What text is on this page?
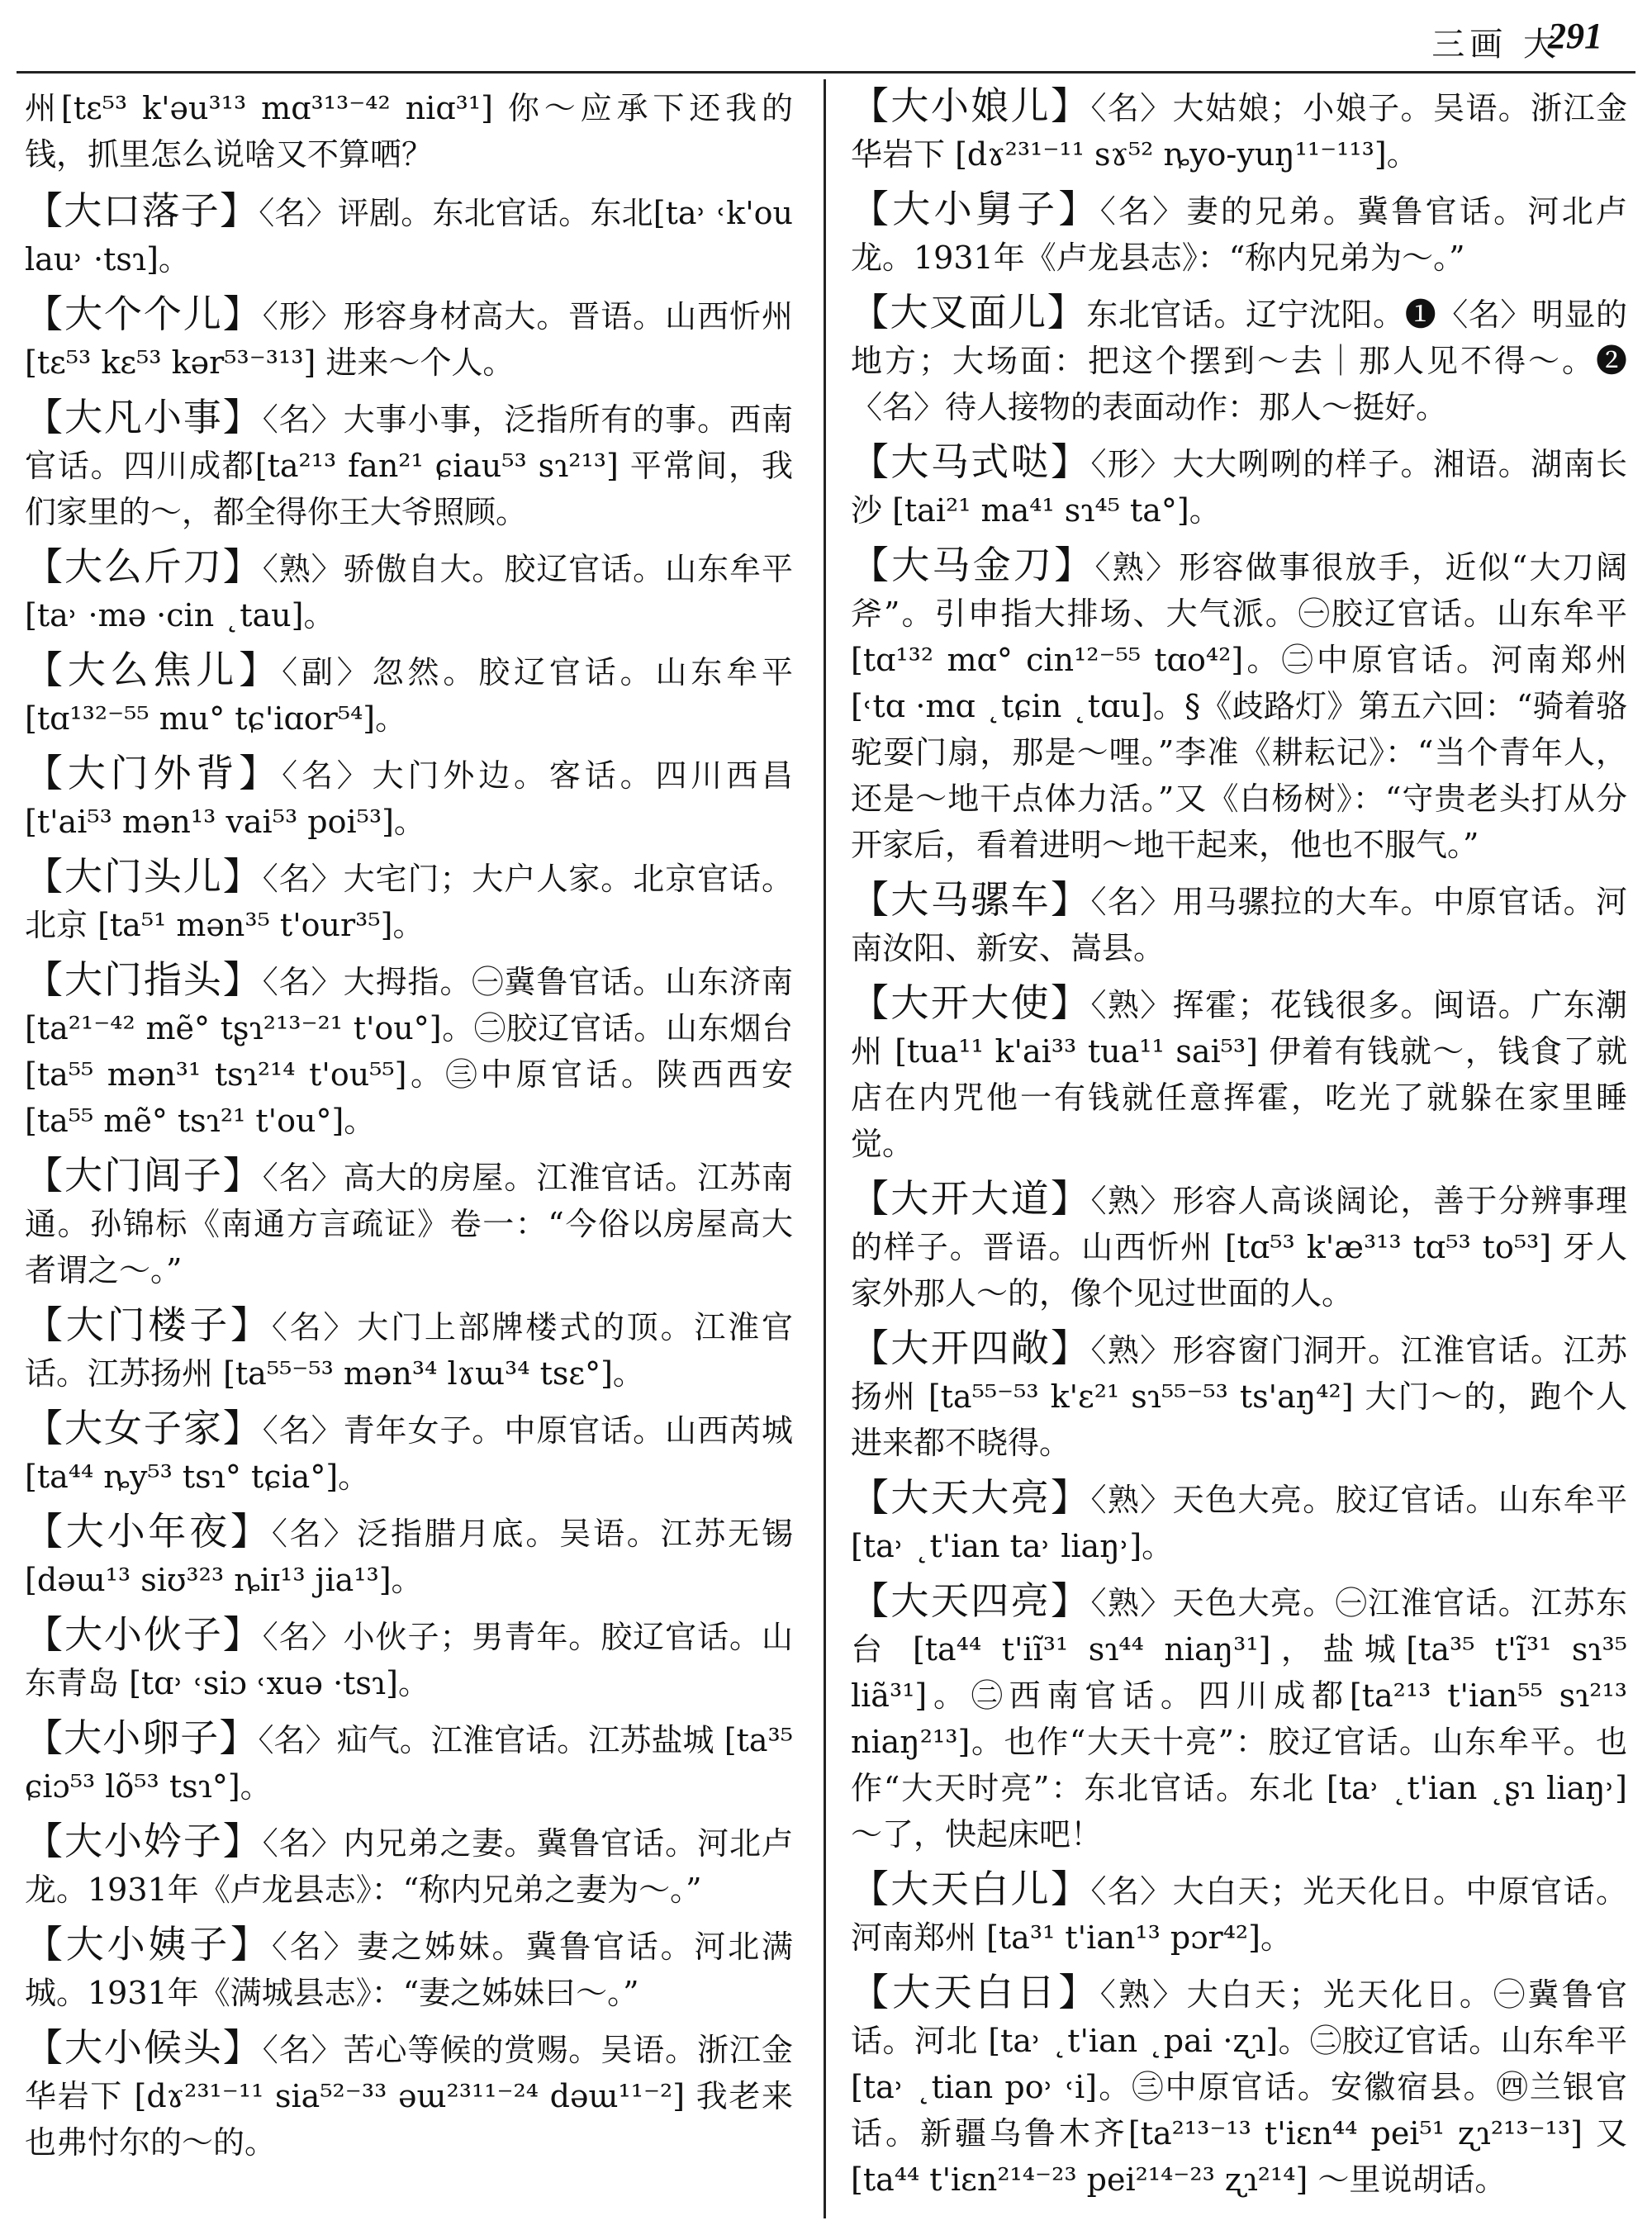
三画 大
291

州[tɛ⁵³ k'əu³¹³ mɑ³¹³⁻⁴² niɑ³¹] 你～应承下还我的钱，抓里怎么说啥又不算哂？

【大口落子】〈名〉评剧。东北官话。东北[ta˒ ˓k'ou lau˒ ·tsɿ]。

【大个个儿】〈形〉形容身材高大。晋语。山西忻州 [tɛ⁵³ kɛ⁵³ kər⁵³⁻³¹³] 进来～个人。

【大凡小事】〈名〉大事小事，泛指所有的事。西南官话。四川成都[ta²¹³ fan²¹ ɕiau⁵³ sɿ²¹³] 平常间，我们家里的～，都全得你王大爷照顾。

【大么斤刀】〈熟〉骄傲自大。胶辽官话。山东牟平 [ta˒ ·mə ·cin ˛tau]。

【大么焦儿】〈副〉忽然。胶辽官话。山东牟平[tɑ¹³²⁻⁵⁵ mu° tɕ'iɑor⁵⁴]。

【大门外背】〈名〉大门外边。客话。四川西昌 [t'ai⁵³ mən¹³ vai⁵³ poi⁵³]。

【大门头儿】〈名〉大宅门；大户人家。北京官话。北京 [ta⁵¹ mən³⁵ t'our³⁵]。

【大门指头】〈名〉大拇指。㊀冀鲁官话。山东济南 [ta²¹⁻⁴² mẽ° tʂɿ²¹³⁻²¹ t'ou°]。㊁胶辽官话。山东烟台 [ta⁵⁵ mən³¹ tsɿ²¹⁴ t'ou⁵⁵]。㊂中原官话。陕西西安 [ta⁵⁵ mẽ° tsɿ²¹ t'ou°]。

【大门闾子】〈名〉高大的房屋。江淮官话。江苏南通。孙锦标《南通方言疏证》卷一：“今俗以房屋高大者谓之～。”

【大门楼子】〈名〉大门上部牌楼式的顶。江淮官话。江苏扬州 [ta⁵⁵⁻⁵³ mən³⁴ lɤɯ³⁴ tsɛ°]。

【大女子家】〈名〉青年女子。中原官话。山西芮城 [ta⁴⁴ ȵy⁵³ tsɿ° tɕia°]。

【大小年夜】〈名〉泛指腊月底。吴语。江苏无锡 [dəɯ¹³ siʊ³²³ ȵiɪ¹³ jia¹³]。

【大小伙子】〈名〉小伙子；男青年。胶辽官话。山东青岛 [tɑ˒ ˓siɔ ˓xuə ·tsɿ]。

【大小卵子】〈名〉疝气。江淮官话。江苏盐城 [ta³⁵ ɕiɔ⁵³ lõ⁵³ tsɿ°]。

【大小妗子】〈名〉内兄弟之妻。冀鲁官话。河北卢龙。1931年《卢龙县志》：“称内兄弟之妻为～。”

【大小姨子】〈名〉妻之姊妹。冀鲁官话。河北满城。1931年《满城县志》：“妻之姊妹曰～。”

【大小候头】〈名〉苦心等候的赏赐。吴语。浙江金华岩下 [dɤ²³¹⁻¹¹ sia⁵²⁻³³ əɯ²³¹¹⁻²⁴ dəɯ¹¹⁻²] 我老来也弗忖尔的～的。

【大小娘儿】〈名〉大姑娘；小娘子。吴语。浙江金华岩下 [dɤ²³¹⁻¹¹ sɤ⁵² ȵyo-yuŋ¹¹⁻¹¹³]。

【大小舅子】〈名〉妻的兄弟。冀鲁官话。河北卢龙。1931年《卢龙县志》：“称内兄弟为～。”

【大叉面儿】东北官话。辽宁沈阳。❶〈名〉明显的地方；大场面：把这个摆到～去｜那人见不得～。❷〈名〉待人接物的表面动作：那人～挺好。

【大马式哒】〈形〉大大咧咧的样子。湘语。湖南长沙 [tai²¹ ma⁴¹ sɿ⁴⁵ ta°]。

【大马金刀】〈熟〉形容做事很放手，近似“大刀阔斧”。引申指大排场、大气派。㊀胶辽官话。山东牟平 [tɑ¹³² mɑ° cin¹²⁻⁵⁵ tɑo⁴²]。㊁中原官话。河南郑州 [˓tɑ ·mɑ ˛tɕin ˛tɑu]。§《歧路灯》第五六回：“骑着骆驼耍门扇，那是～哩。”李准《耕耘记》：“当个青年人，还是～地干点体力活。”又《白杨树》：“守贵老头打从分开家后，看着进明～地干起来，他也不服气。”

【大马骡车】〈名〉用马骡拉的大车。中原官话。河南汝阳、新安、嵩县。

【大开大使】〈熟〉挥霍；花钱很多。闽语。广东潮州 [tua¹¹ k'ai³³ tua¹¹ sai⁵³] 伊着有钱就～，钱食了就店在内咒他一有钱就任意挥霍，吃光了就躲在家里睡觉。

【大开大道】〈熟〉形容人高谈阔论，善于分辨事理的样子。晋语。山西忻州 [tɑ⁵³ k'æ³¹³ tɑ⁵³ to⁵³] 牙人家外那人～的，像个见过世面的人。

【大开四敞】〈熟〉形容窗门洞开。江淮官话。江苏扬州 [ta⁵⁵⁻⁵³ k'ɛ²¹ sɿ⁵⁵⁻⁵³ ts'aŋ⁴²] 大门～的，跑个人进来都不晓得。

【大天大亮】〈熟〉天色大亮。胶辽官话。山东牟平 [ta˒ ˛t'ian ta˒ liaŋ˒]。

【大天四亮】〈熟〉天色大亮。㊀江淮官话。江苏东台 [ta⁴⁴ t'iĩ³¹ sɿ⁴⁴ niaŋ³¹]，盐城[ta³⁵ t'ĩ³¹ sɿ³⁵ liã³¹]。㊁西南官话。四川成都[ta²¹³ t'ian⁵⁵ sɿ²¹³ niaŋ²¹³]。也作“大天十亮”：胶辽官话。山东牟平。也作“大天时亮”：东北官话。东北 [ta˒ ˛t'ian ˛ʂɿ liaŋ˒] ～了，快起床吧！

【大天白儿】〈名〉大白天；光天化日。中原官话。河南郑州 [ta³¹ t'ian¹³ pɔr⁴²]。

【大天白日】〈熟〉大白天；光天化日。㊀冀鲁官话。河北 [ta˒ ˛t'ian ˛pai ·ʐɿ]。㊁胶辽官话。山东牟平 [ta˒ ˛tian po˒ ˓i]。㊂中原官话。安徽宿县。㊃兰银官话。新疆乌鲁木齐[ta²¹³⁻¹³ t'iɛn⁴⁴ pei⁵¹ ʐɿ²¹³⁻¹³] 又 [ta⁴⁴ t'iɛn²¹⁴⁻²³ pei²¹⁴⁻²³ ʐɿ²¹⁴] ～里说胡话。
